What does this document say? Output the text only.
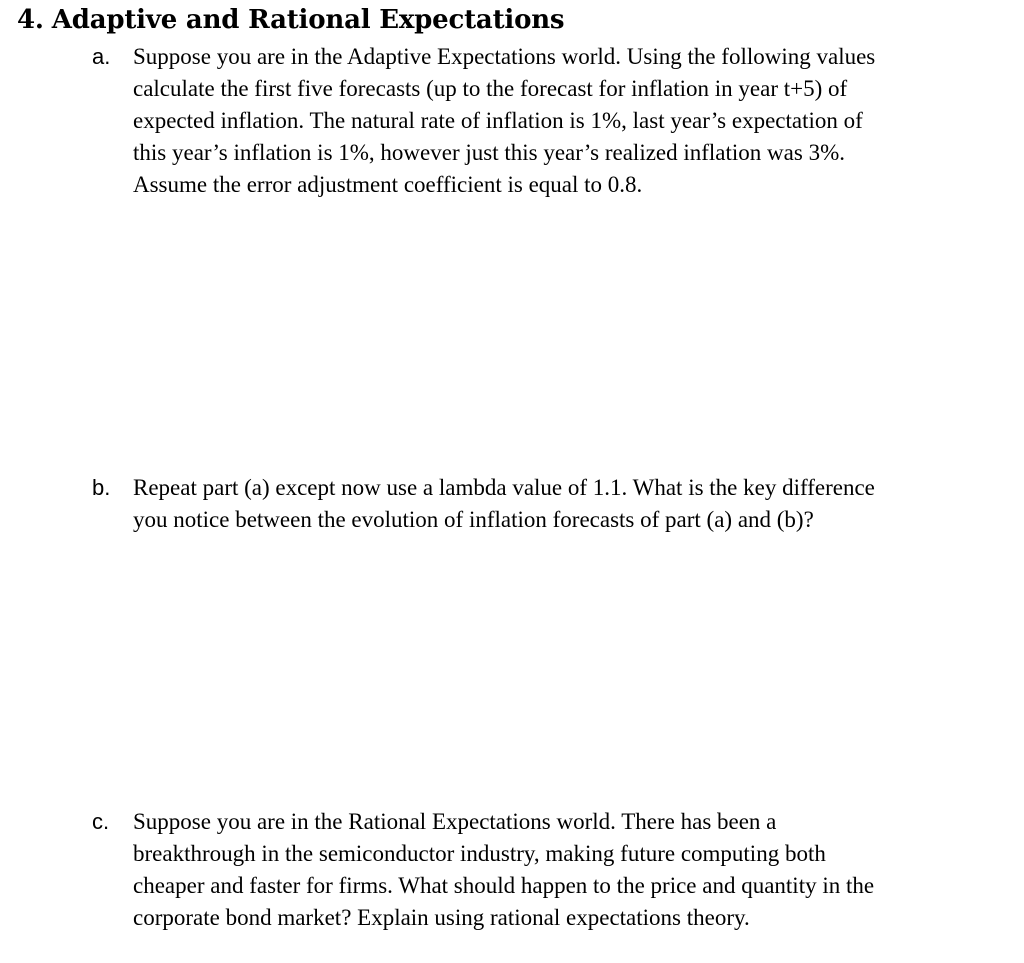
4. Adaptive and Rational Expectations
a. Suppose you are in the Adaptive Expectations world. Using the following values
calculate the first five forecasts (up to the forecast for inflation in year t+5) of
expected inflation. The natural rate of inflation is 1%, last year’s expectation of
this year’s inflation is 1%, however just this year’s realized inflation was 3%.
Assume the error adjustment coefficient is equal to 0.8.
b. Repeat part (a) except now use a lambda value of 1.1. What is the key difference
you notice between the evolution of inflation forecasts of part (a) and (b)?
c. Suppose you are in the Rational Expectations world. There has been a
breakthrough in the semiconductor industry, making future computing both
cheaper and faster for firms. What should happen to the price and quantity in the
corporate bond market? Explain using rational expectations theory.
